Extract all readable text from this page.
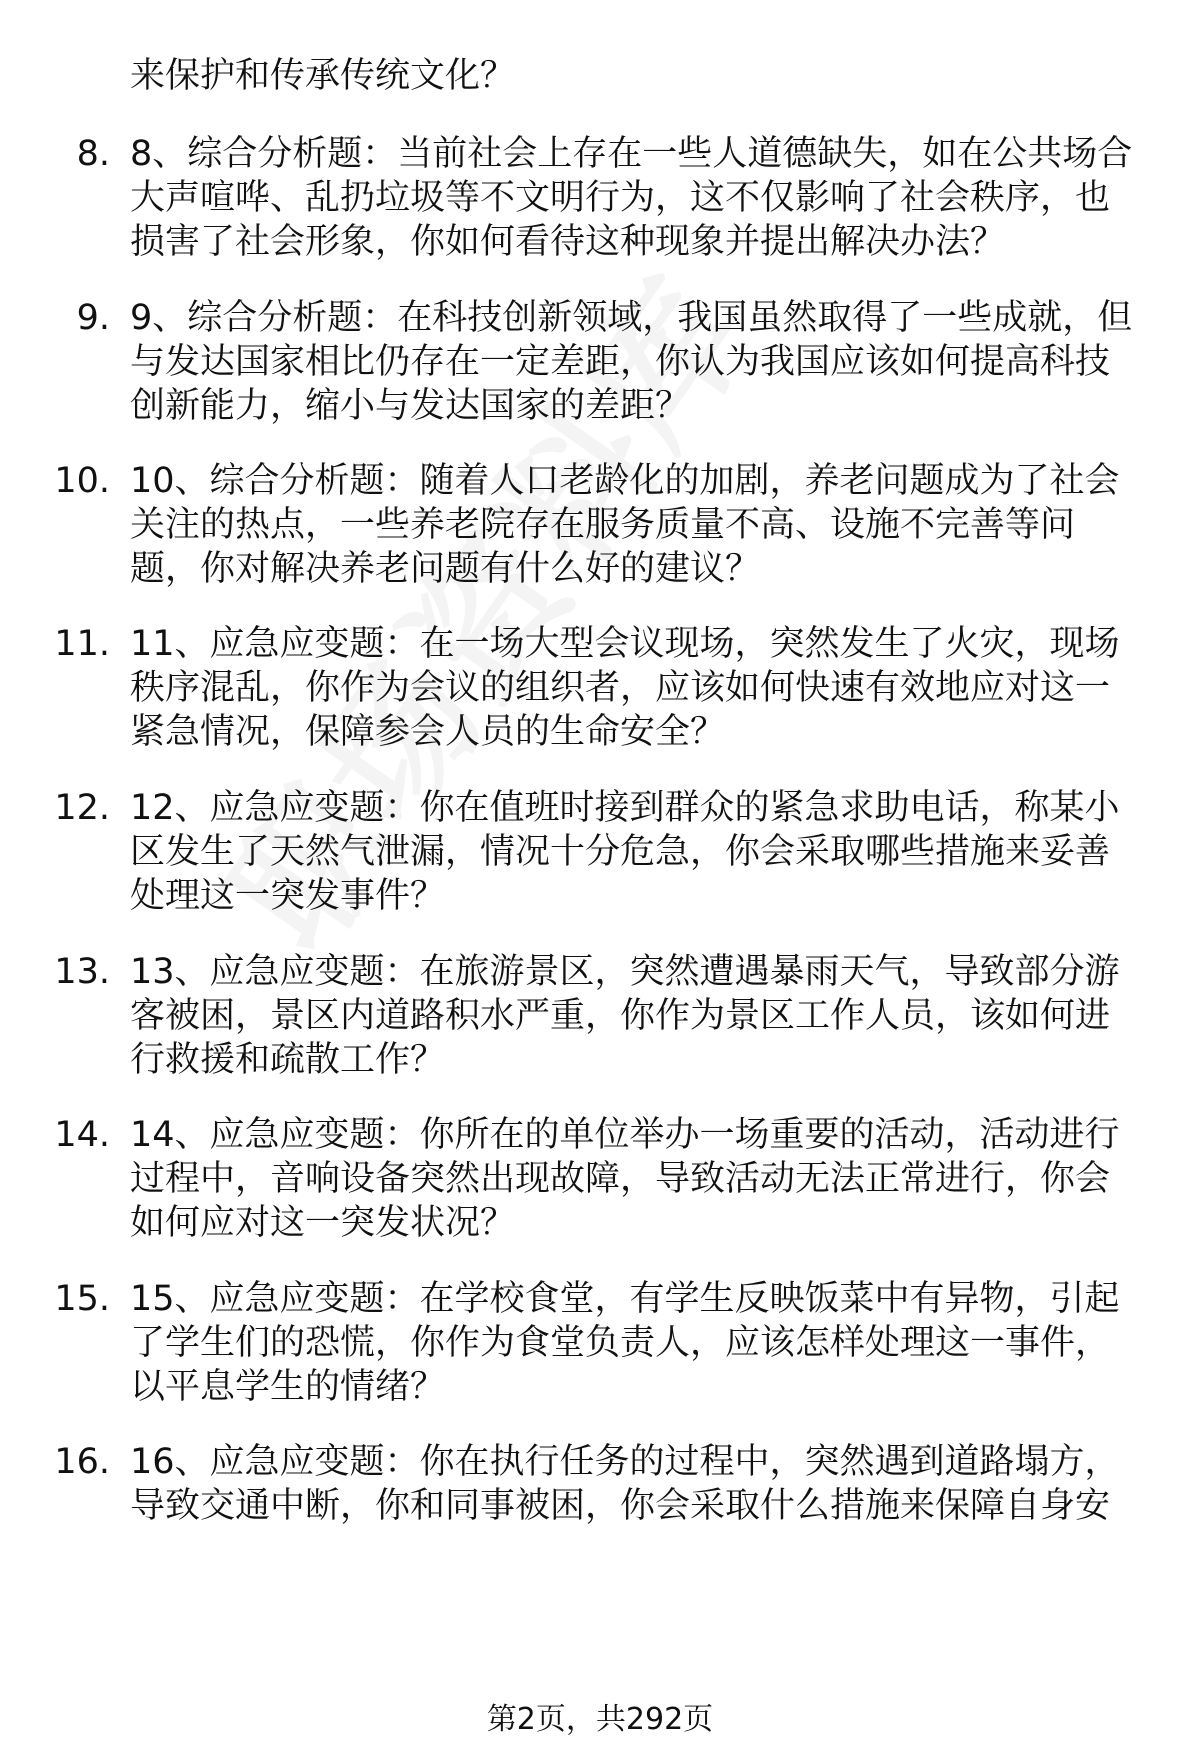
来保护和传承传统文化？
8. 8、综合分析题：当前社会上存在一些人道德缺失，如在公共场合
大声喧哗、乱扔垃圾等不文明行为，这不仅影响了社会秩序，也
损害了社会形象，你如何看待这种现象并提出解决办法？
9. 9、综合分析题：在科技创新领域，我国虽然取得了一些成就，但
与发达国家相比仍存在一定差距，你认为我国应该如何提高科技
创新能力，缩小与发达国家的差距？
10. 10、综合分析题：随着人口老龄化的加剧，养老问题成为了社会
关注的热点，一些养老院存在服务质量不高、设施不完善等问
题，你对解决养老问题有什么好的建议？
11. 11、应急应变题：在一场大型会议现场，突然发生了火灾，现场
秩序混乱，你作为会议的组织者，应该如何快速有效地应对这一
紧急情况，保障参会人员的生命安全？
12. 12、应急应变题：你在值班时接到群众的紧急求助电话，称某小
区发生了天然气泄漏，情况十分危急，你会采取哪些措施来妥善
处理这一突发事件？
13. 13、应急应变题：在旅游景区，突然遭遇暴雨天气，导致部分游
客被困，景区内道路积水严重，你作为景区工作人员，该如何进
行救援和疏散工作？
14. 14、应急应变题：你所在的单位举办一场重要的活动，活动进行
过程中，音响设备突然出现故障，导致活动无法正常进行，你会
如何应对这一突发状况？
15. 15、应急应变题：在学校食堂，有学生反映饭菜中有异物，引起
了学生们的恐慌，你作为食堂负责人，应该怎样处理这一事件，
以平息学生的情绪？
16. 16、应急应变题：你在执行任务的过程中，突然遇到道路塌方，
导致交通中断，你和同事被困，你会采取什么措施来保障自身安
第2页，共292页
